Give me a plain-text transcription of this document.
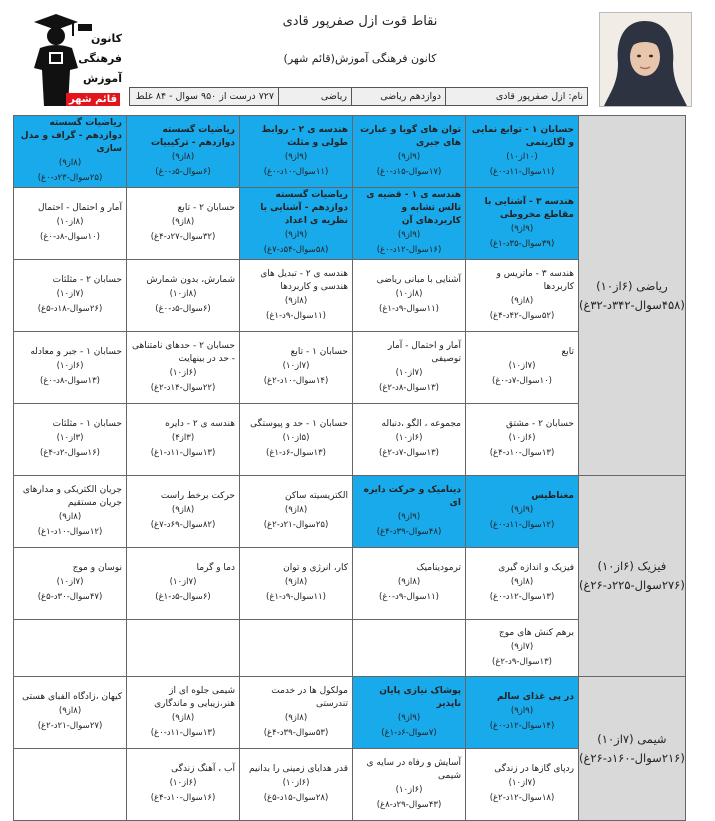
کانون
فرهنگی
آموزش
قائم شهر
نقاط قوت ازل صفرپور قادی
کانون فرهنگی آموزش(قائم شهر)
نام: ازل صفرپور قادی
دوازدهم ریاضی
ریاضی
۷۲۷ درست از ۹۵۰ سوال - ۸۴ غلط
ریاضی (۶از۱۰) (۴۵۸سوال-۳۴۲د-۳۲غ)	حسابان ۱ - توابع نمایی و لگاریتمی
(۱۰از۱۰)
(۱۱سوال-۱۱د-۰غ)	توان های گویا و عبارت های جبری
(۹از۹)
(۱۷سوال-۱۵د-۰غ)	هندسه ی ۲ - روابط طولی و مثلث
(۹از۹)
(۱۱سوال-۱۰د-۰غ)	ریاضیات گسسته دوازدهم - ترکیبیات
(۸از۹)
(۶سوال-۵د-۰غ)	ریاضیات گسسته دوازدهم - گراف و مدل سازی
(۸از۹)
(۲۵سوال-۲۳د-۰غ)

	هندسه ۳ - آشنایی با مقاطع مخروطی
(۹از۹)
(۳۹سوال-۳۵د-۱غ)	هندسه ی ۱ - قضیه ی تالس تشابه و کاربردهای آن
(۹از۹)
(۱۶سوال-۱۲د-۰غ)	ریاضیات گسسته دوازدهم - آشنایی با نظریه ی اعداد
(۹از۹)
(۵۸سوال-۵۴د-۷غ)	حسابان ۲ - تابع
(۸از۹)
(۳۲سوال-۲۷د-۴غ)	آمار و احتمال - احتمال
(۸از۱۰)
(۱۰سوال-۸د-۰غ)

	هندسه ۳ - ماتریس و کاربردها
(۸از۹)
(۵۲سوال-۴۲د-۴غ)	آشنایی با مبانی ریاضی
(۸از۱۰)
(۱۱سوال-۹د-۱غ)	هندسه ی ۲ - تبدیل های هندسی و کاربردها
(۸از۹)
(۱۱سوال-۹د-۱غ)	شمارش، بدون شمارش
(۸از۱۰)
(۶سوال-۵د-۰غ)	حسابان ۲ - مثلثات
(۷از۱۰)
(۲۶سوال-۱۸د-۵غ)

	تابع
(۷از۱۰)
(۱۰سوال-۷د-۰غ)	آمار و احتمال - آمار توصیفی
(۷از۱۰)
(۱۳سوال-۸د-۲غ)	حسابان ۱ - تابع
(۷از۱۰)
(۱۴سوال-۱۰د-۲غ)	حسابان ۲ - حدهای نامتناهی - حد در بینهایت
(۶از۱۰)
(۲۲سوال-۱۴د-۲غ)	حسابان ۱ - جبر و معادله
(۶از۱۰)
(۱۳سوال-۸د-۰غ)

	حسابان ۲ - مشتق
(۶از۱۰)
(۱۳سوال-۱۰د-۴غ)	مجموعه ، الگو ،دنباله
(۶از۱۰)
(۱۳سوال-۷د-۲غ)	حسابان ۱ - حد و پیوستگی
(۵از۱۰)
(۱۳سوال-۶د-۱غ)	هندسه ی ۲ - دایره
(۳از۴)
(۱۳سوال-۱۱د-۱غ)	حسابان ۱ - مثلثات
(۳از۱۰)
(۱۶سوال-۲د-۴غ)

فیزیک (۶از۱۰) (۲۷۶سوال-۲۲۵د-۲۶غ)	مغناطیس
(۹از۹)
(۱۲سوال-۱۱د-۰غ)	دینامیک و حرکت دایره ای
(۹از۹)
(۴۸سوال-۳۹د-۴غ)	الکتریسیته ساکن
(۸از۹)
(۲۵سوال-۲۱د-۲غ)	حرکت برخط راست
(۸از۹)
(۸۲سوال-۶۹د-۷غ)	جریان الکتریکی و مدارهای جریان مستقیم
(۸از۹)
(۱۲سوال-۱۰د-۱غ)

	فیزیک و اندازه گیری
(۸از۹)
(۱۳سوال-۱۲د-۰غ)	ترمودینامیک
(۸از۹)
(۱۱سوال-۹د-۰غ)	کار، انرژی و توان
(۸از۹)
(۱۱سوال-۹د-۱غ)	دما و گرما
(۷از۱۰)
(۶سوال-۵د-۱غ)	نوسان و موج
(۷از۱۰)
(۴۷سوال-۳۰د-۵غ)

	برهم کنش های موج
(۷از۹)
(۱۳سوال-۹د-۲غ)				

شیمی (۷از۱۰) (۲۱۶سوال-۱۶۰د-۲۶غ)	در پی غذای سالم
(۹از۹)
(۱۴سوال-۱۲د-۰غ)	پوشاک نیازی پایان ناپذیر
(۹از۹)
(۷سوال-۶د-۱غ)	مولکول ها در خدمت تندرستی
(۸از۹)
(۵۳سوال-۳۹د-۴غ)	شیمی جلوه ای از هنر،زیبایی و ماندگاری
(۸از۹)
(۱۳سوال-۱۱د-۰غ)	کیهان ،زادگاه الفبای هستی
(۸از۹)
(۲۷سوال-۲۱د-۲غ)

	ردپای گازها در زندگی
(۷از۱۰)
(۱۸سوال-۱۲د-۲غ)	آسایش و رفاه در سایه ی شیمی
(۶از۱۰)
(۴۳سوال-۲۹د-۸غ)	قدر هدایای زمینی را بدانیم
(۶از۱۰)
(۲۸سوال-۱۵د-۵غ)	آب ، آهنگ زندگی
(۶از۱۰)
(۱۶سوال-۱۰د-۴غ)	
